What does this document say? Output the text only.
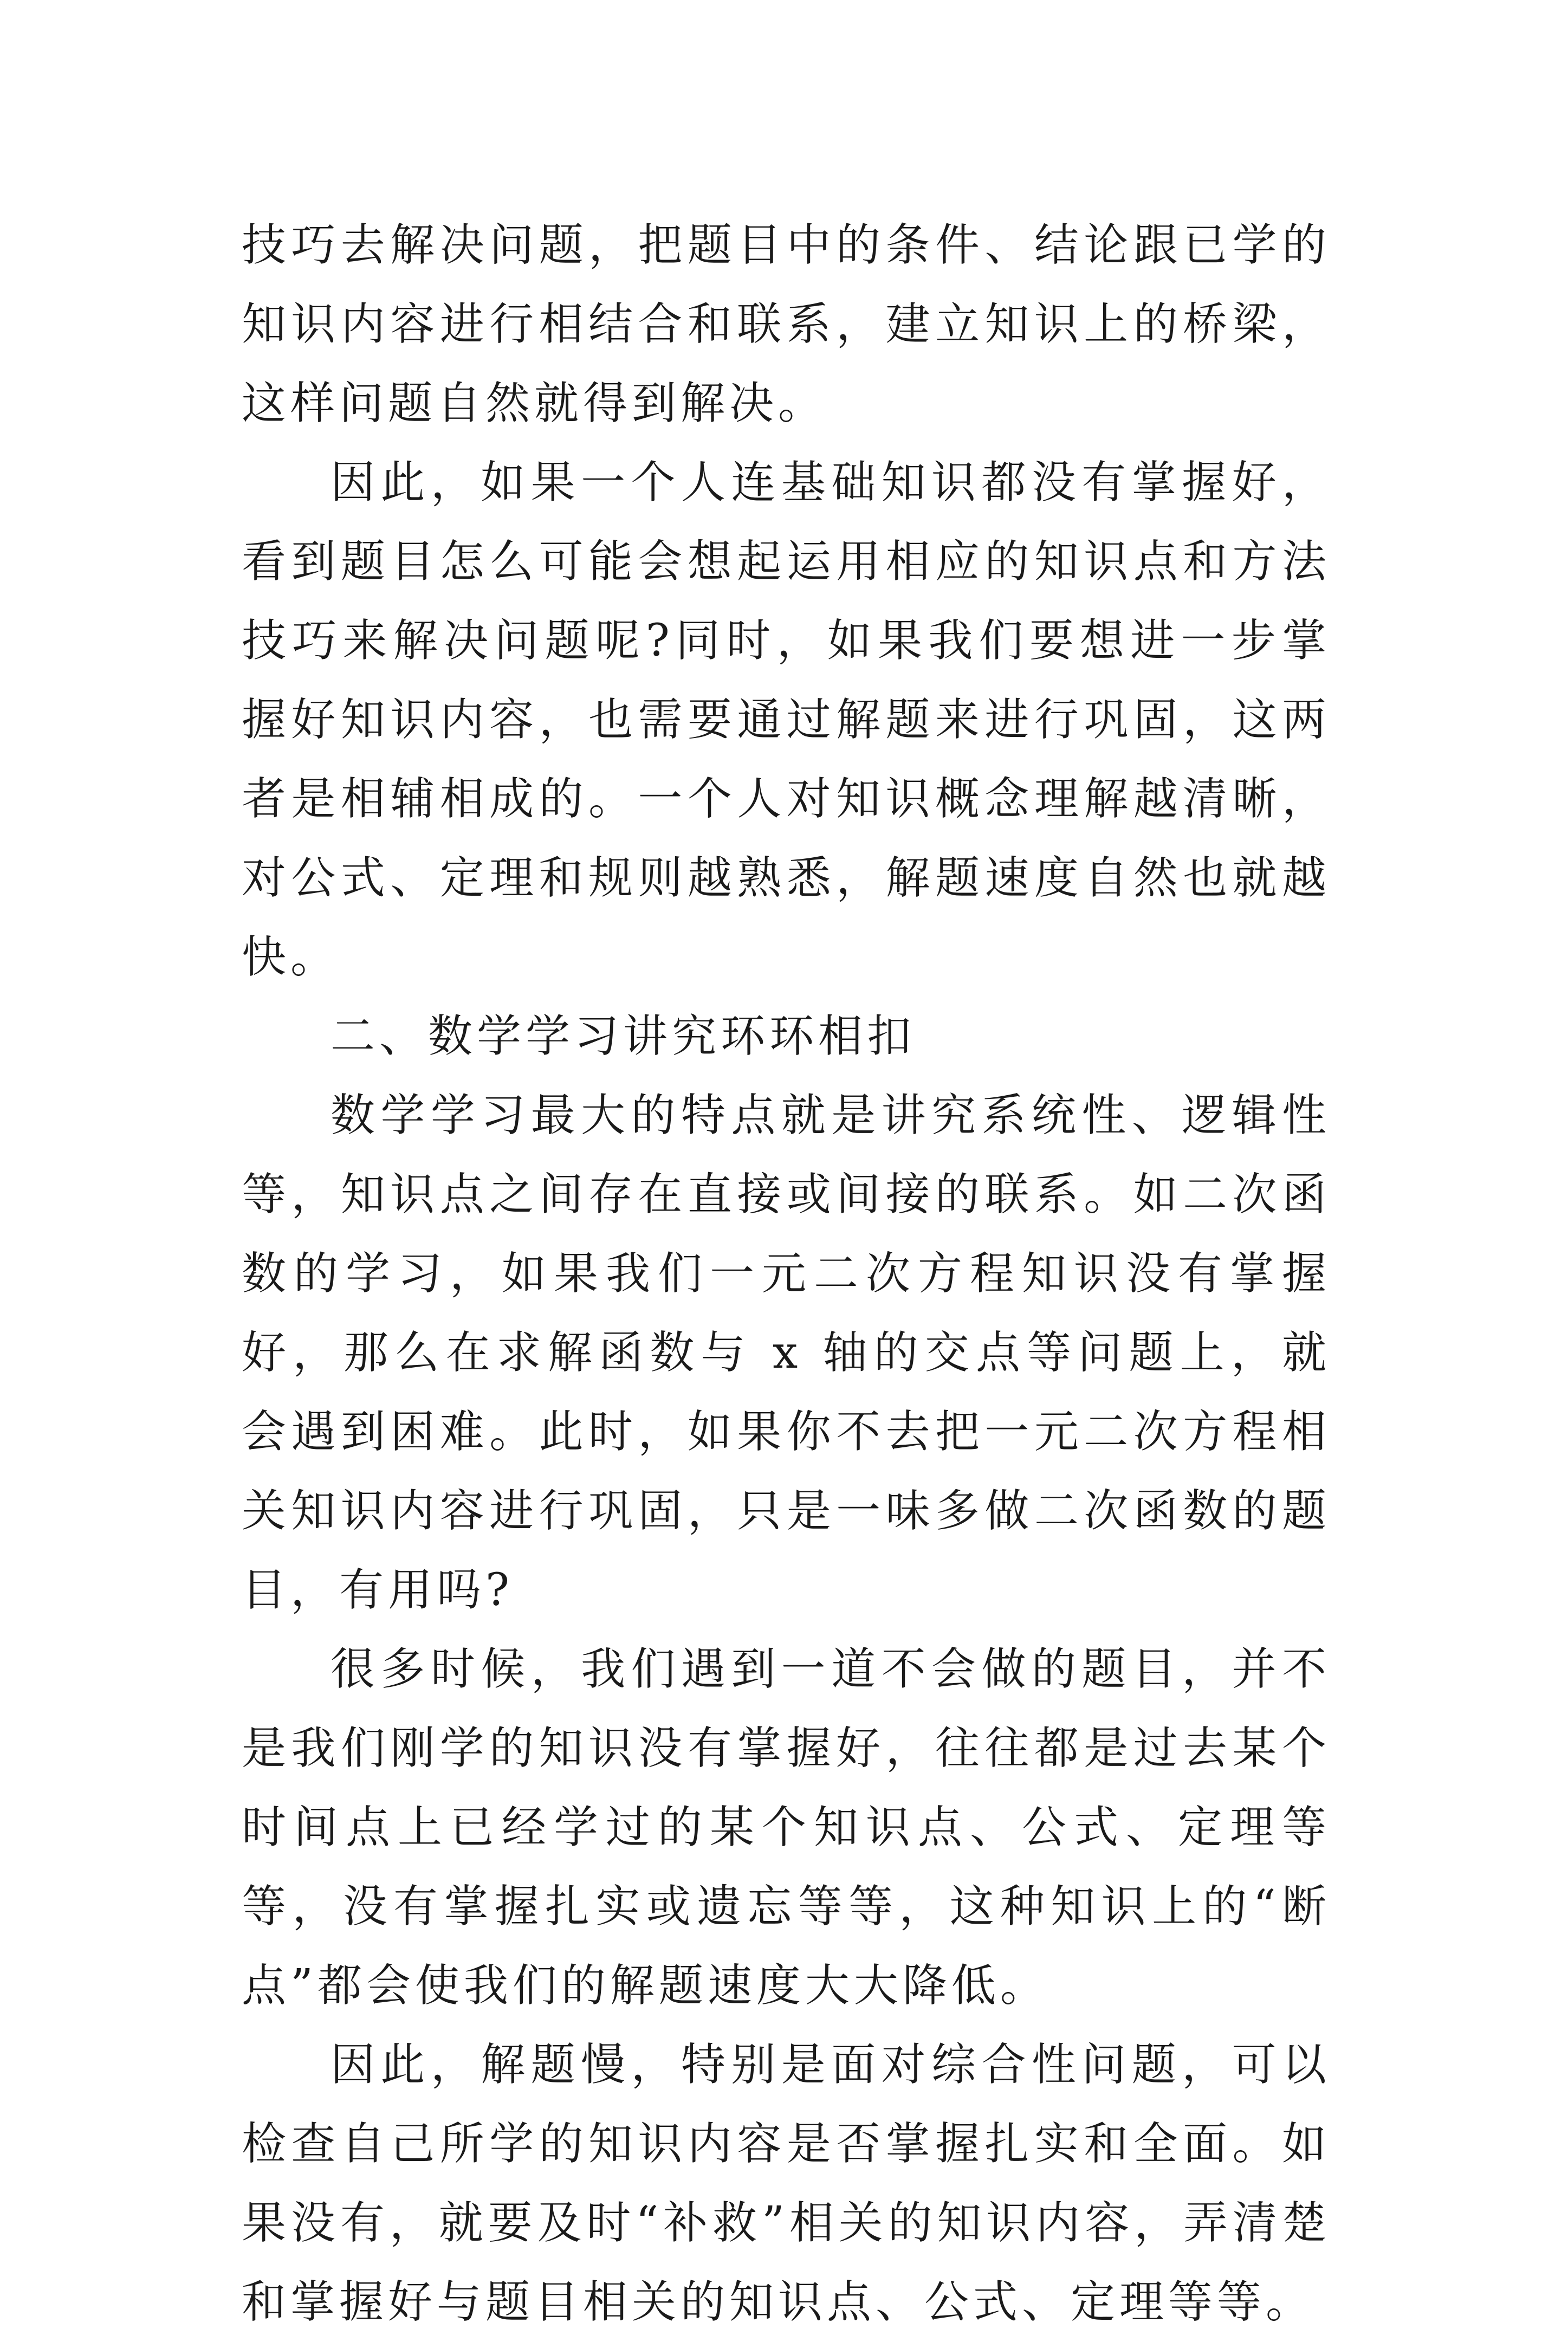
技巧去解决问题，把题目中的条件、结论跟已学的知识内容进行相结合和联系，建立知识上的桥梁，这样问题自然就得到解决。

因此，如果一个人连基础知识都没有掌握好，看到题目怎么可能会想起运用相应的知识点和方法技巧来解决问题呢?同时，如果我们要想进一步掌握好知识内容，也需要通过解题来进行巩固，这两者是相辅相成的。一个人对知识概念理解越清晰，对公式、定理和规则越熟悉，解题速度自然也就越快。

二、数学学习讲究环环相扣

数学学习最大的特点就是讲究系统性、逻辑性等，知识点之间存在直接或间接的联系。如二次函数的学习，如果我们一元二次方程知识没有掌握好，那么在求解函数与 x 轴的交点等问题上，就会遇到困难。此时，如果你不去把一元二次方程相关知识内容进行巩固，只是一味多做二次函数的题目，有用吗?

很多时候，我们遇到一道不会做的题目，并不是我们刚学的知识没有掌握好，往往都是过去某个时间点上已经学过的某个知识点、公式、定理等等，没有掌握扎实或遗忘等等，这种知识上的“断点”都会使我们的解题速度大大降低。

因此，解题慢，特别是面对综合性问题，可以检查自己所学的知识内容是否掌握扎实和全面。如果没有，就要及时“补救”相关的知识内容，弄清楚和掌握好与题目相关的知识点、公式、定理等等。
